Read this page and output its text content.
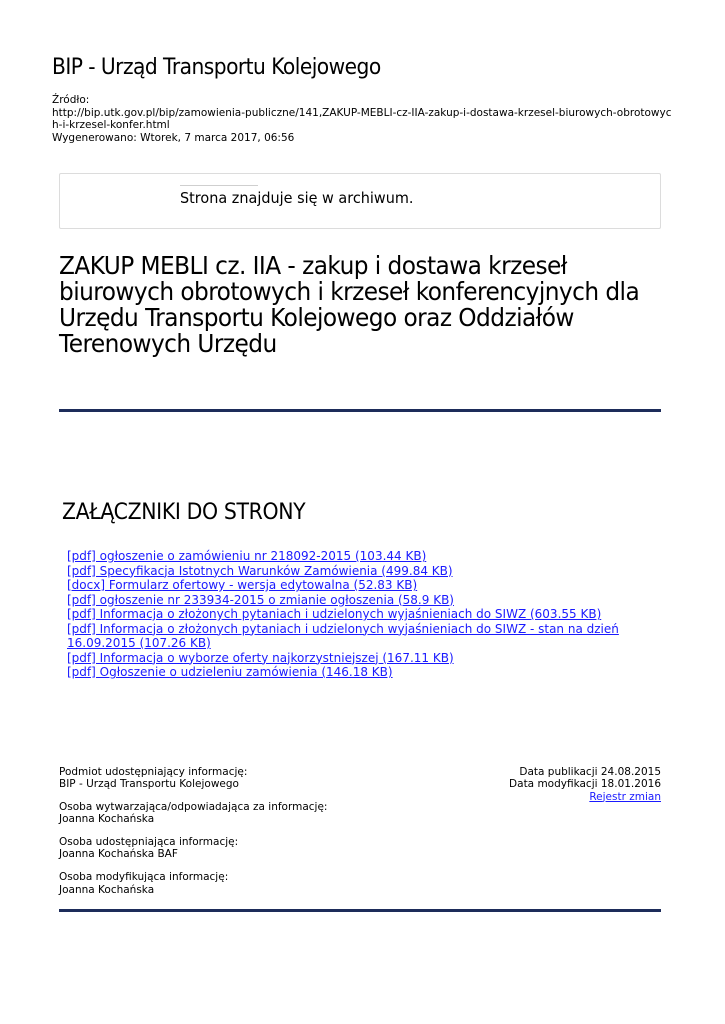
BIP - Urząd Transportu Kolejowego
Źródło:
http://bip.utk.gov.pl/bip/zamowienia-publiczne/141,ZAKUP-MEBLI-cz-IIA-zakup-i-dostawa-krzesel-biurowych-obrotowyc
h-i-krzesel-konfer.html
Wygenerowano: Wtorek, 7 marca 2017, 06:56
Strona znajduje się w archiwum.
ZAKUP MEBLI cz. IIA - zakup i dostawa krzeseł biurowych obrotowych i krzeseł konferencyjnych dla Urzędu Transportu Kolejowego oraz Oddziałów Terenowych Urzędu
ZAŁĄCZNIKI DO STRONY
[pdf] ogłoszenie o zamówieniu nr 218092-2015 (103.44 KB)
[pdf] Specyfikacja Istotnych Warunków Zamówienia (499.84 KB)
[docx] Formularz ofertowy - wersja edytowalna (52.83 KB)
[pdf] ogłoszenie nr 233934-2015 o zmianie ogłoszenia (58.9 KB)
[pdf] Informacja o złożonych pytaniach i udzielonych wyjaśnieniach do SIWZ (603.55 KB)
[pdf] Informacja o złożonych pytaniach i udzielonych wyjaśnieniach do SIWZ - stan na dzień 16.09.2015 (107.26 KB)
[pdf] Informacja o wyborze oferty najkorzystniejszej (167.11 KB)
[pdf] Ogłoszenie o udzieleniu zamówienia (146.18 KB)
Podmiot udostępniający informację:
BIP - Urząd Transportu Kolejowego
Osoba wytwarzająca/odpowiadająca za informację:
Joanna Kochańska
Osoba udostępniająca informację:
Joanna Kochańska BAF
Osoba modyfikująca informację:
Joanna Kochańska
Data publikacji 24.08.2015
Data modyfikacji 18.01.2016
Rejestr zmian
